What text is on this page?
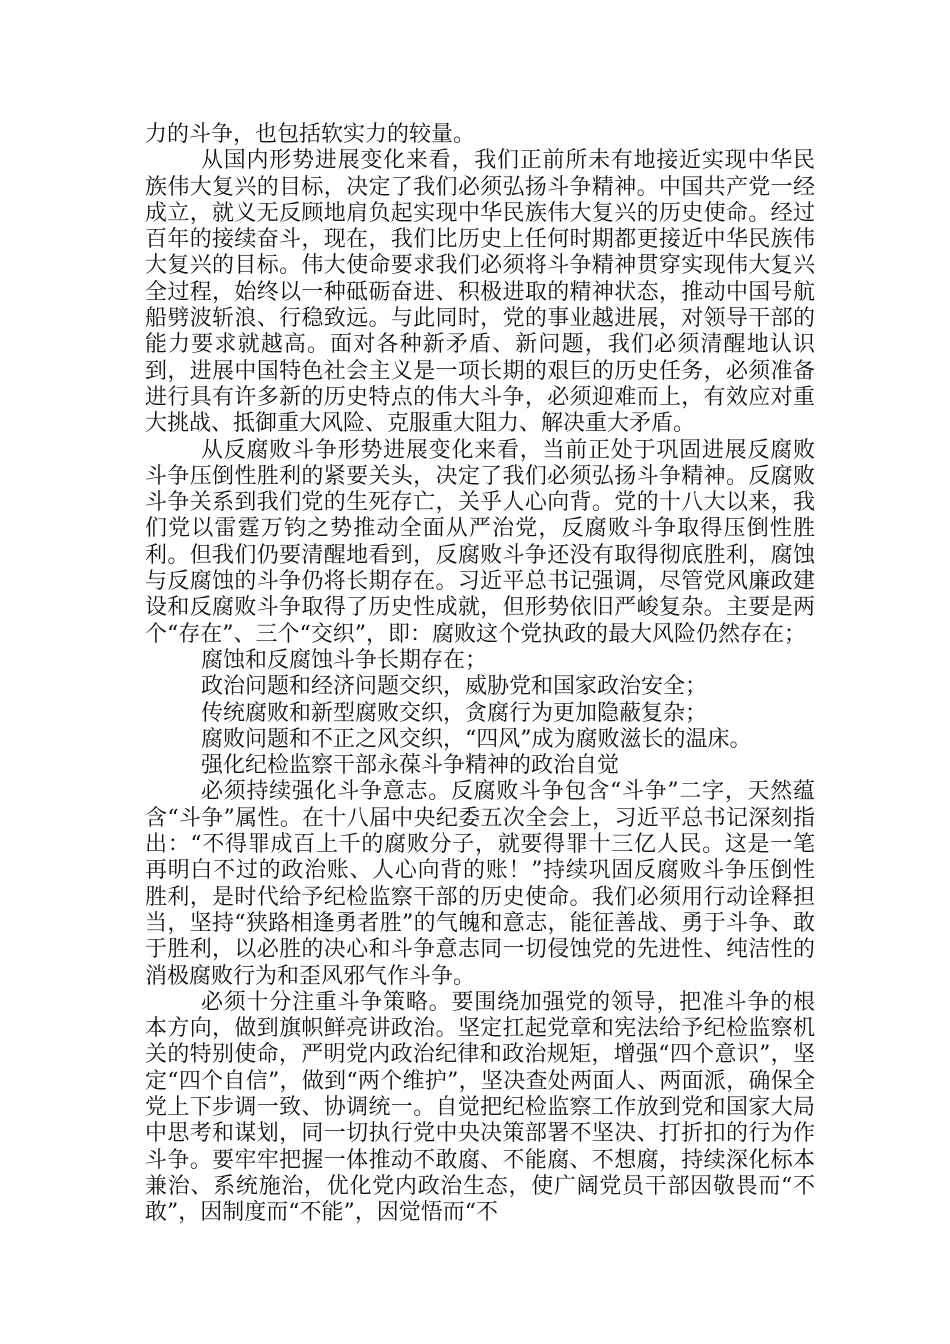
力的斗争，也包括软实力的较量。

从国内形势进展变化来看，我们正前所未有地接近实现中华民族伟大复兴的目标，决定了我们必须弘扬斗争精神。中国共产党一经成立，就义无反顾地肩负起实现中华民族伟大复兴的历史使命。经过百年的接续奋斗，现在，我们比历史上任何时期都更接近中华民族伟大复兴的目标。伟大使命要求我们必须将斗争精神贯穿实现伟大复兴全过程，始终以一种砥砺奋进、积极进取的精神状态，推动中国号航船劈波斩浪、行稳致远。与此同时，党的事业越进展，对领导干部的能力要求就越高。面对各种新矛盾、新问题，我们必须清醒地认识到，进展中国特色社会主义是一项长期的艰巨的历史任务，必须准备进行具有许多新的历史特点的伟大斗争，必须迎难而上，有效应对重大挑战、抵御重大风险、克服重大阻力、解决重大矛盾。

从反腐败斗争形势进展变化来看，当前正处于巩固进展反腐败斗争压倒性胜利的紧要关头，决定了我们必须弘扬斗争精神。反腐败斗争关系到我们党的生死存亡，关乎人心向背。党的十八大以来，我们党以雷霆万钧之势推动全面从严治党，反腐败斗争取得压倒性胜利。但我们仍要清醒地看到，反腐败斗争还没有取得彻底胜利，腐蚀与反腐蚀的斗争仍将长期存在。习近平总书记强调，尽管党风廉政建设和反腐败斗争取得了历史性成就，但形势依旧严峻复杂。主要是两个“存在”、三个“交织”，即：腐败这个党执政的最大风险仍然存在；

腐蚀和反腐蚀斗争长期存在；

政治问题和经济问题交织，威胁党和国家政治安全；

传统腐败和新型腐败交织，贪腐行为更加隐蔽复杂；

腐败问题和不正之风交织，“四风”成为腐败滋长的温床。

强化纪检监察干部永葆斗争精神的政治自觉

必须持续强化斗争意志。反腐败斗争包含“斗争”二字，天然蕴含“斗争”属性。在十八届中央纪委五次全会上，习近平总书记深刻指出：“不得罪成百上千的腐败分子，就要得罪十三亿人民。这是一笔再明白不过的政治账、人心向背的账！”持续巩固反腐败斗争压倒性胜利，是时代给予纪检监察干部的历史使命。我们必须用行动诠释担当，坚持“狭路相逢勇者胜”的气魄和意志，能征善战、勇于斗争、敢于胜利，以必胜的决心和斗争意志同一切侵蚀党的先进性、纯洁性的消极腐败行为和歪风邪气作斗争。

必须十分注重斗争策略。要围绕加强党的领导，把准斗争的根本方向，做到旗帜鲜亮讲政治。坚定扛起党章和宪法给予纪检监察机关的特别使命，严明党内政治纪律和政治规矩，增强“四个意识”，坚定“四个自信”，做到“两个维护”，坚决查处两面人、两面派，确保全党上下步调一致、协调统一。自觉把纪检监察工作放到党和国家大局中思考和谋划，同一切执行党中央决策部署不坚决、打折扣的行为作斗争。要牢牢把握一体推动不敢腐、不能腐、不想腐，持续深化标本兼治、系统施治，优化党内政治生态，使广阔党员干部因敬畏而“不敢”，因制度而“不能”，因觉悟而“不
